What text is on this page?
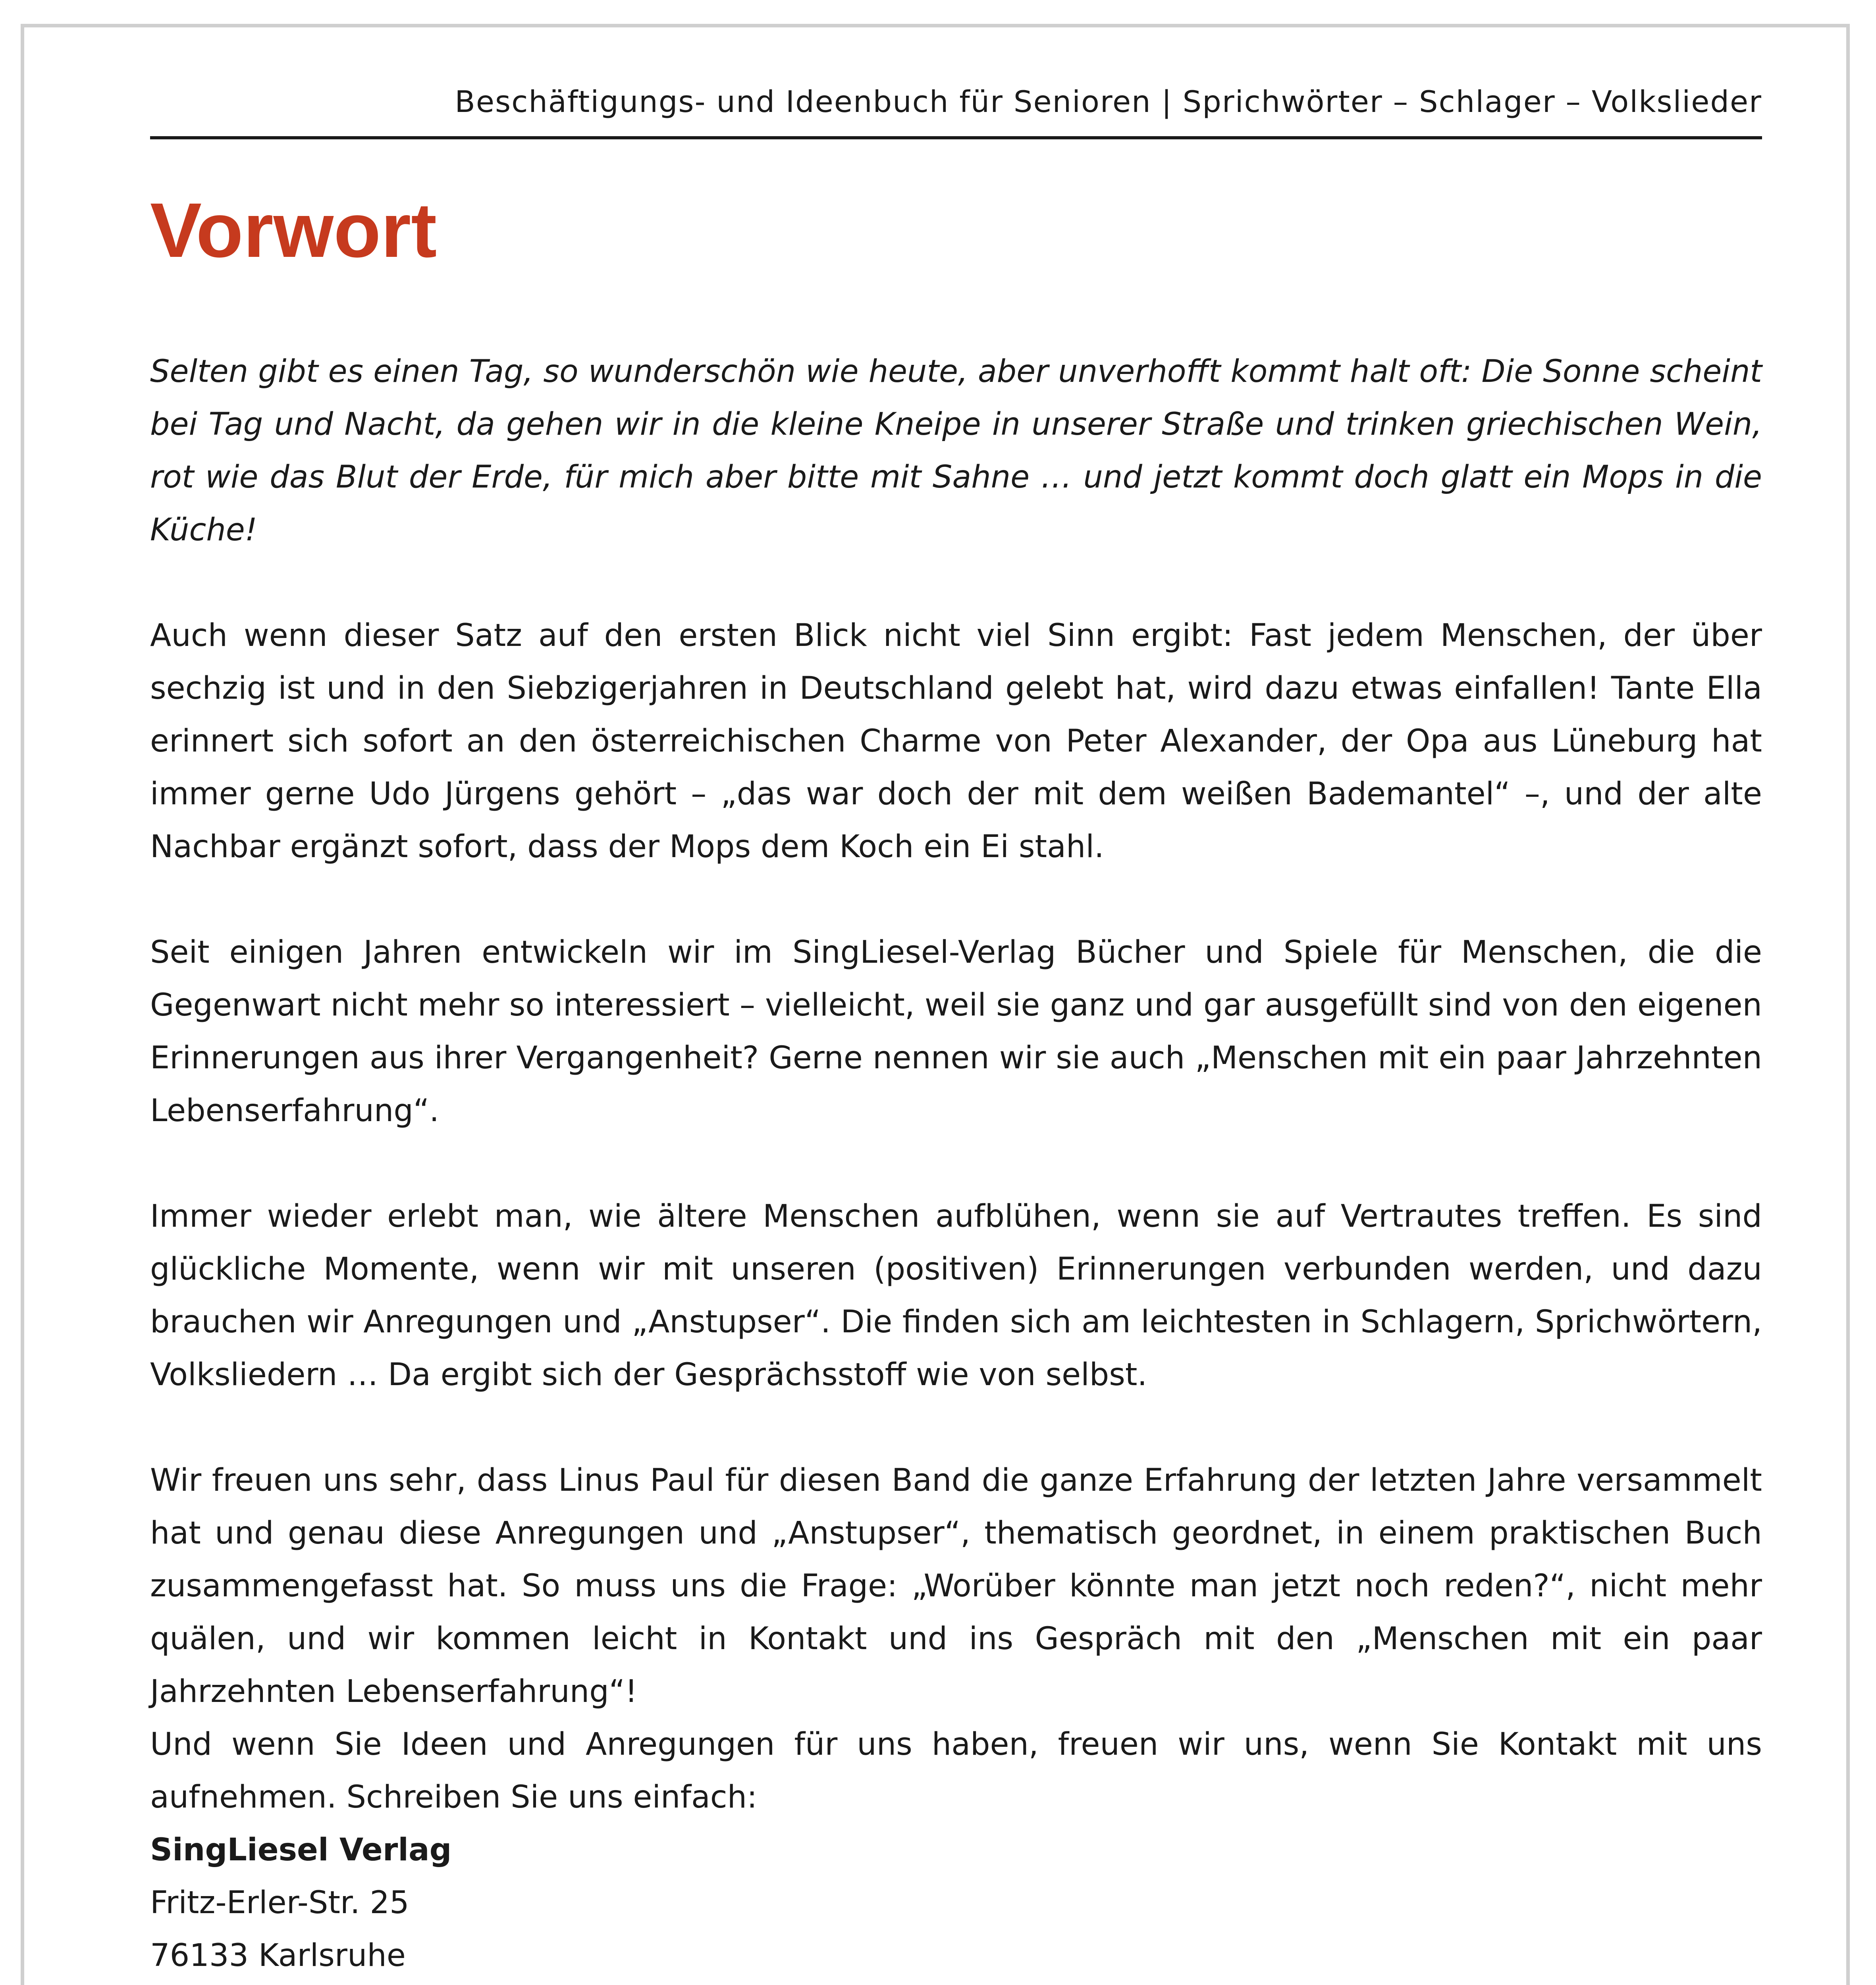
Beschäftigungs- und Ideenbuch für Senioren | Sprichwörter – Schlager – Volkslieder
Vorwort

Selten gibt es einen Tag, so wunderschön wie heute, aber unverhofft kommt halt oft: Die Sonne scheint bei Tag und Nacht, da gehen wir in die kleine Kneipe in unserer Straße und trinken griechischen Wein, rot wie das Blut der Erde, für mich aber bitte mit Sahne … und jetzt kommt doch glatt ein Mops in die Küche!

Auch wenn dieser Satz auf den ersten Blick nicht viel Sinn ergibt: Fast jedem Menschen, der über sechzig ist und in den Siebzigerjahren in Deutschland gelebt hat, wird dazu etwas einfallen! Tante Ella erinnert sich sofort an den österreichischen Charme von Peter Alexander, der Opa aus Lüneburg hat immer gerne Udo Jürgens gehört – „das war doch der mit dem weißen Bademantel“ –, und der alte Nachbar ergänzt sofort, dass der Mops dem Koch ein Ei stahl.

Seit einigen Jahren entwickeln wir im SingLiesel-Verlag Bücher und Spiele für Menschen, die die Gegenwart nicht mehr so interessiert – vielleicht, weil sie ganz und gar ausgefüllt sind von den eigenen Erinnerungen aus ihrer Vergangenheit? Gerne nennen wir sie auch „Menschen mit ein paar Jahrzehnten Lebenserfahrung“.

Immer wieder erlebt man, wie ältere Menschen aufblühen, wenn sie auf Vertrautes treffen. Es sind glückliche Momente, wenn wir mit unseren (positiven) Erinnerungen verbunden werden, und dazu brauchen wir Anregungen und „Anstupser“. Die finden sich am leichtesten in Schlagern, Sprichwörtern, Volksliedern … Da ergibt sich der Gesprächsstoff wie von selbst.

Wir freuen uns sehr, dass Linus Paul für diesen Band die ganze Erfahrung der letzten Jahre versammelt hat und genau diese Anregungen und „Anstupser“, thematisch geordnet, in einem praktischen Buch zusammengefasst hat. So muss uns die Frage: „Worüber könnte man jetzt noch reden?“, nicht mehr quälen, und wir kommen leicht in Kontakt und ins Gespräch mit den „Menschen mit ein paar Jahrzehnten Lebenserfahrung“!

Und wenn Sie Ideen und Anregungen für uns haben, freuen wir uns, wenn Sie Kontakt mit uns aufnehmen. Schreiben Sie uns einfach:

SingLiesel Verlag

Fritz-Erler-Str. 25

76133 Karlsruhe
